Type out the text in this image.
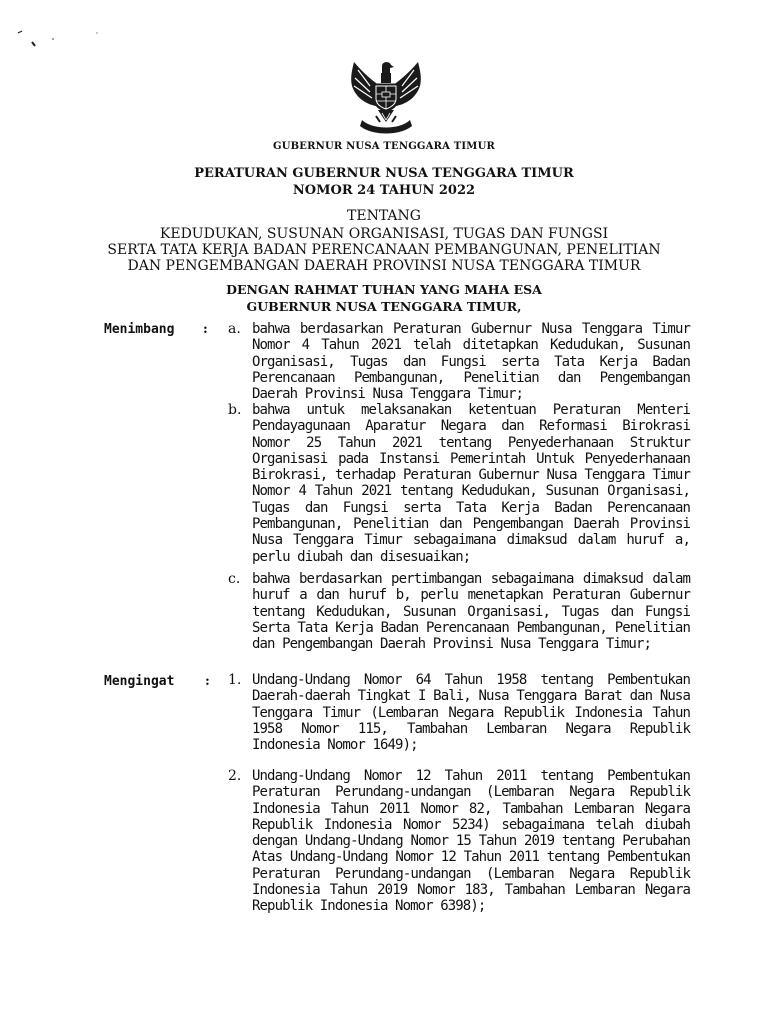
GUBERNUR NUSA TENGGARA TIMUR
PERATURAN GUBERNUR NUSA TENGGARA TIMUR
NOMOR 24 TAHUN 2022
TENTANG
KEDUDUKAN, SUSUNAN ORGANISASI, TUGAS DAN FUNGSI
SERTA TATA KERJA BADAN PERENCANAAN PEMBANGUNAN, PENELITIAN
DAN PENGEMBANGAN DAERAH PROVINSI NUSA TENGGARA TIMUR
DENGAN RAHMAT TUHAN YANG MAHA ESA
GUBERNUR NUSA TENGGARA TIMUR,
Menimbang : a. bahwa berdasarkan Peraturan Gubernur Nusa Tenggara Timur Nomor 4 Tahun 2021 telah ditetapkan Kedudukan, Susunan Organisasi, Tugas dan Fungsi serta Tata Kerja Badan Perencanaan Pembangunan, Penelitian dan Pengembangan Daerah Provinsi Nusa Tenggara Timur;
b. bahwa untuk melaksanakan ketentuan Peraturan Menteri Pendayagunaan Aparatur Negara dan Reformasi Birokrasi Nomor 25 Tahun 2021 tentang Penyederhanaan Struktur Organisasi pada Instansi Pemerintah Untuk Penyederhanaan Birokrasi, terhadap Peraturan Gubernur Nusa Tenggara Timur Nomor 4 Tahun 2021 tentang Kedudukan, Susunan Organisasi, Tugas dan Fungsi serta Tata Kerja Badan Perencanaan Pembangunan, Penelitian dan Pengembangan Daerah Provinsi Nusa Tenggara Timur sebagaimana dimaksud dalam huruf a, perlu diubah dan disesuaikan;
c. bahwa berdasarkan pertimbangan sebagaimana dimaksud dalam huruf a dan huruf b, perlu menetapkan Peraturan Gubernur tentang Kedudukan, Susunan Organisasi, Tugas dan Fungsi Serta Tata Kerja Badan Perencanaan Pembangunan, Penelitian dan Pengembangan Daerah Provinsi Nusa Tenggara Timur;
Mengingat : 1. Undang-Undang Nomor 64 Tahun 1958 tentang Pembentukan Daerah-daerah Tingkat I Bali, Nusa Tenggara Barat dan Nusa Tenggara Timur (Lembaran Negara Republik Indonesia Tahun 1958 Nomor 115, Tambahan Lembaran Negara Republik Indonesia Nomor 1649);
2. Undang-Undang Nomor 12 Tahun 2011 tentang Pembentukan Peraturan Perundang-undangan (Lembaran Negara Republik Indonesia Tahun 2011 Nomor 82, Tambahan Lembaran Negara Republik Indonesia Nomor 5234) sebagaimana telah diubah dengan Undang-Undang Nomor 15 Tahun 2019 tentang Perubahan Atas Undang-Undang Nomor 12 Tahun 2011 tentang Pembentukan Peraturan Perundang-undangan (Lembaran Negara Republik Indonesia Tahun 2019 Nomor 183, Tambahan Lembaran Negara Republik Indonesia Nomor 6398);
